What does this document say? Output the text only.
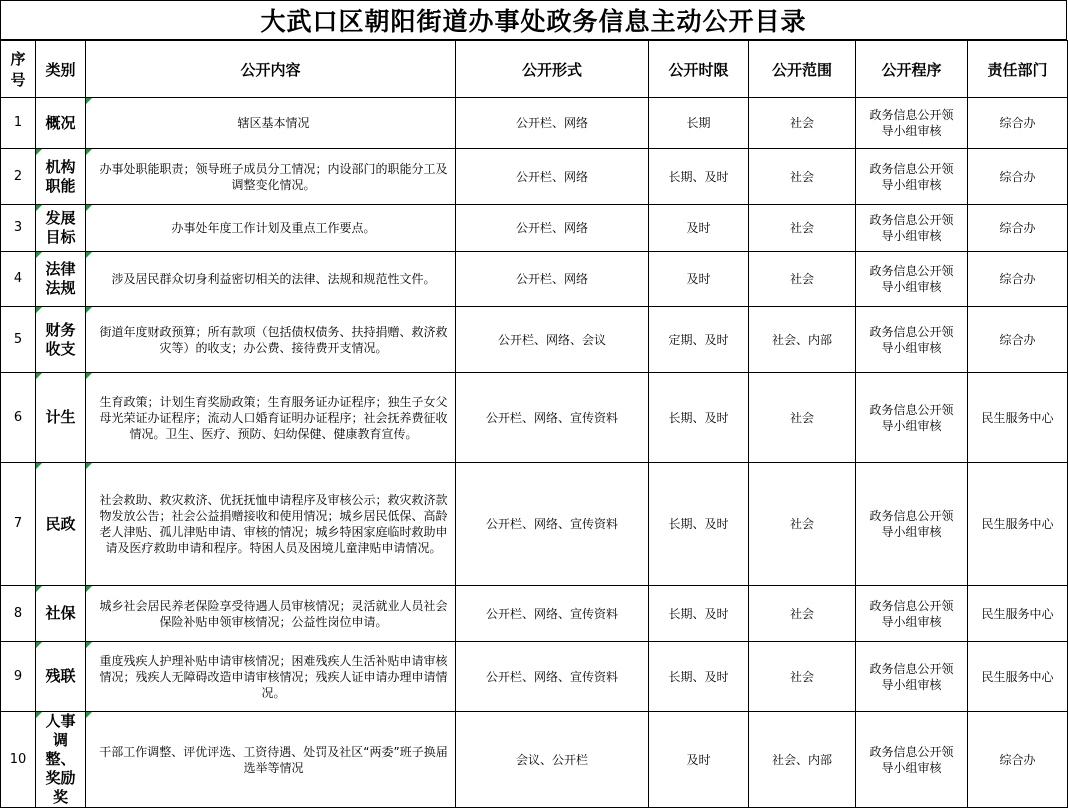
大武口区朝阳街道办事处政务信息主动公开目录
序号	类别	公开内容	公开形式	公开时限	公开范围	公开程序	责任部门
1	概况	辖区基本情况	公开栏、网络	长期	社会	政务信息公开领导小组审核	综合办
2	机构职能	办事处职能职责；领导班子成员分工情况；内设部门的职能分工及调整变化情况。	公开栏、网络	长期、及时	社会	政务信息公开领导小组审核	综合办
3	发展目标	办事处年度工作计划及重点工作要点。	公开栏、网络	及时	社会	政务信息公开领导小组审核	综合办
4	法律法规	涉及居民群众切身利益密切相关的法律、法规和规范性文件。	公开栏、网络	及时	社会	政务信息公开领导小组审核	综合办
5	财务收支	街道年度财政预算；所有款项（包括债权债务、扶持捐赠、救济救灾等）的收支；办公费、接待费开支情况。	公开栏、网络、会议	定期、及时	社会、内部	政务信息公开领导小组审核	综合办
6	计生	生育政策；计划生育奖励政策；生育服务证办证程序；独生子女父母光荣证办证程序；流动人口婚育证明办证程序；社会抚养费征收情况。卫生、医疗、预防、妇幼保健、健康教育宣传。	公开栏、网络、宣传资料	长期、及时	社会	政务信息公开领导小组审核	民生服务中心
7	民政	社会救助、救灾救济、优抚抚恤申请程序及审核公示；救灾救济款物发放公告；社会公益捐赠接收和使用情况；城乡居民低保、高龄老人津贴、孤儿津贴申请、审核的情况；城乡特困家庭临时救助申请及医疗救助申请和程序。特困人员及困境儿童津贴申请情况。	公开栏、网络、宣传资料	长期、及时	社会	政务信息公开领导小组审核	民生服务中心
8	社保	城乡社会居民养老保险享受待遇人员审核情况；灵活就业人员社会保险补贴申领审核情况；公益性岗位申请。	公开栏、网络、宣传资料	长期、及时	社会	政务信息公开领导小组审核	民生服务中心
9	残联	重度残疾人护理补贴申请审核情况；困难残疾人生活补贴申请审核情况；残疾人无障碍改造申请审核情况；残疾人证申请办理申请情况。	公开栏、网络、宣传资料	长期、及时	社会	政务信息公开领导小组审核	民生服务中心
10	人事调整、奖励 奖	干部工作调整、评优评选、工资待遇、处罚及社区“两委”班子换届选举等情况	会议、公开栏	及时	社会、内部	政务信息公开领导小组审核	综合办
